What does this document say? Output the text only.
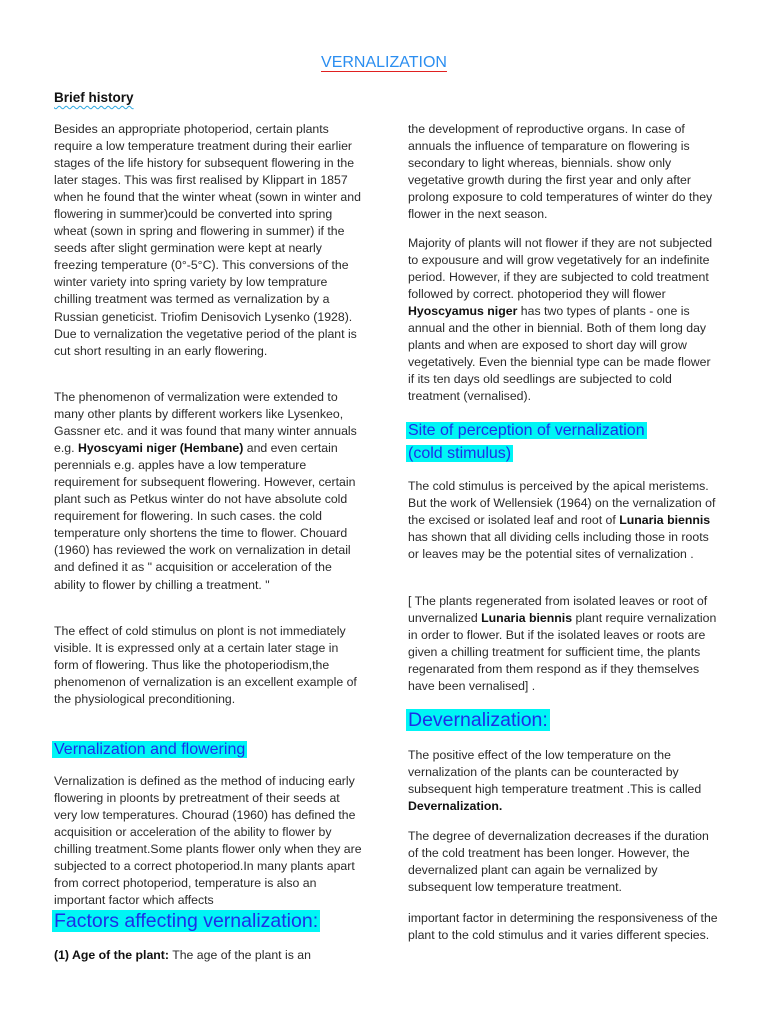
VERNALIZATION
Brief history

Besides an appropriate photoperiod, certain plants require a low temperature treatment during their earlier stages of the life history for subsequent flowering in the later stages. This was first realised by Klippart in 1857 when he found that the winter wheat (sown in winter and flowering in summer)could be converted into spring wheat (sown in spring and flowering in summer) if the seeds after slight germination were kept at nearly freezing temperature (0°-5°C). This conversions of the winter variety into spring variety by low temprature chilling treatment was termed as vernalization by a Russian geneticist. Triofim Denisovich Lysenko (1928). Due to vernalization the vegetative period of the plant is cut short resulting in an early flowering.

The phenomenon of vermalization were extended to many other plants by different workers like Lysenkeo, Gassner etc. and it was found that many winter annuals e.g. Hyoscyami niger (Hembane) and even certain perennials e.g. apples have a low temperature requirement for subsequent flowering. However, certain plant such as Petkus winter do not have absolute cold requirement for flowering. In such cases. the cold temperature only shortens the time to flower. Chouard (1960) has reviewed the work on vernalization in detail and defined it as " acquisition or acceleration of the ability to flower by chilling a treatment. "

The effect of cold stimulus on plont is not immediately visible. It is expressed only at a certain later stage in form of flowering. Thus like the photoperiodism,the phenomenon of vernalization is an excellent example of the physiological preconditioning.

Vernalization and flowering

Vernalization is defined as the method of inducing early flowering in ploonts by pretreatment of their seeds at very low temperatures. Chourad (1960) has defined the acquisition or acceleration of the ability to flower by chilling treatment.Some plants flower only when they are subjected to a correct photoperiod.In many plants apart from correct photoperiod, temperature is also an important factor which affects

Factors affecting vernalization:

(1) Age of the plant: The age of the plant is an

the development of reproductive organs. In case of annuals the influence of temparature on flowering is secondary to light whereas, biennials. show only vegetative growth during the first year and only after prolong exposure to cold temperatures of winter do they flower in the next season.

Majority of plants will not flower if they are not subjected to expousure and will grow vegetatively for an indefinite period. However, if they are subjected to cold treatment followed by correct. photoperiod they will flower Hyoscyamus niger has two types of plants - one is annual and the other in biennial. Both of them long day plants and when are exposed to short day will grow vegetatively. Even the biennial type can be made flower if its ten days old seedlings are subjected to cold treatment (vernalised).

Site of perception of vernalization
(cold stimulus)

The cold stimulus is perceived by the apical meristems. But the work of Wellensiek (1964) on the vernalization of the excised or isolated leaf and root of Lunaria biennis has shown that all dividing cells including those in roots or leaves may be the potential sites of vernalization .

[ The plants regenerated from isolated leaves or root of unvernalized Lunaria biennis plant require vernalization in order to flower. But if the isolated leaves or roots are given a chilling treatment for sufficient time, the plants regenarated from them respond as if they themselves have been vernalised] .

Devernalization:

The positive effect of the low temperature on the vernalization of the plants can be counteracted by subsequent high temperature treatment .This is called Devernalization.

The degree of devernalization decreases if the duration of the cold treatment has been longer. However, the devernalized plant can again be vernalized by subsequent low temperature treatment.

important factor in determining the responsiveness of the plant to the cold stimulus and it varies different species.
